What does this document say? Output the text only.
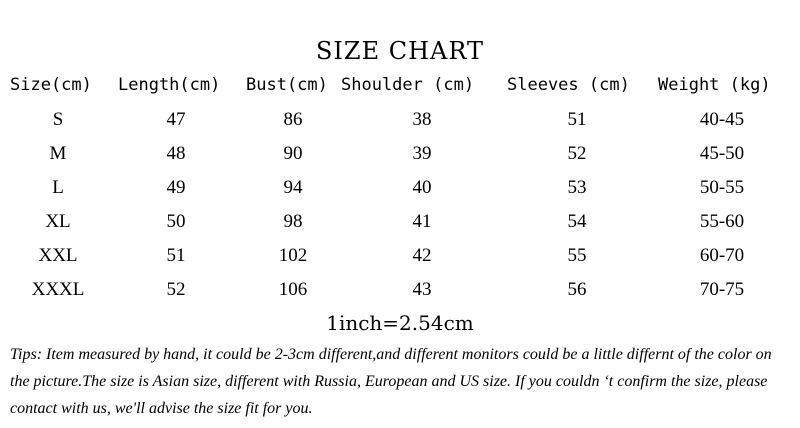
SIZE CHART
Size(cm) Length(cm) Bust(cm) Shoulder (cm) Sleeves (cm) Weight (kg)
S	47	86	38	51	40-45
M	48	90	39	52	45-50
L	49	94	40	53	50-55
XL	50	98	41	54	55-60
XXL	51	102	42	55	60-70
XXXL	52	106	43	56	70-75
1inch=2.54cm

Tips: Item measured by hand, it could be 2-3cm different,and different monitors could be a little differnt of the color on the picture.The size is Asian size, different with Russia, European and US size. If you couldn ‘t confirm the size, please contact with us, we'll advise the size fit for you.
